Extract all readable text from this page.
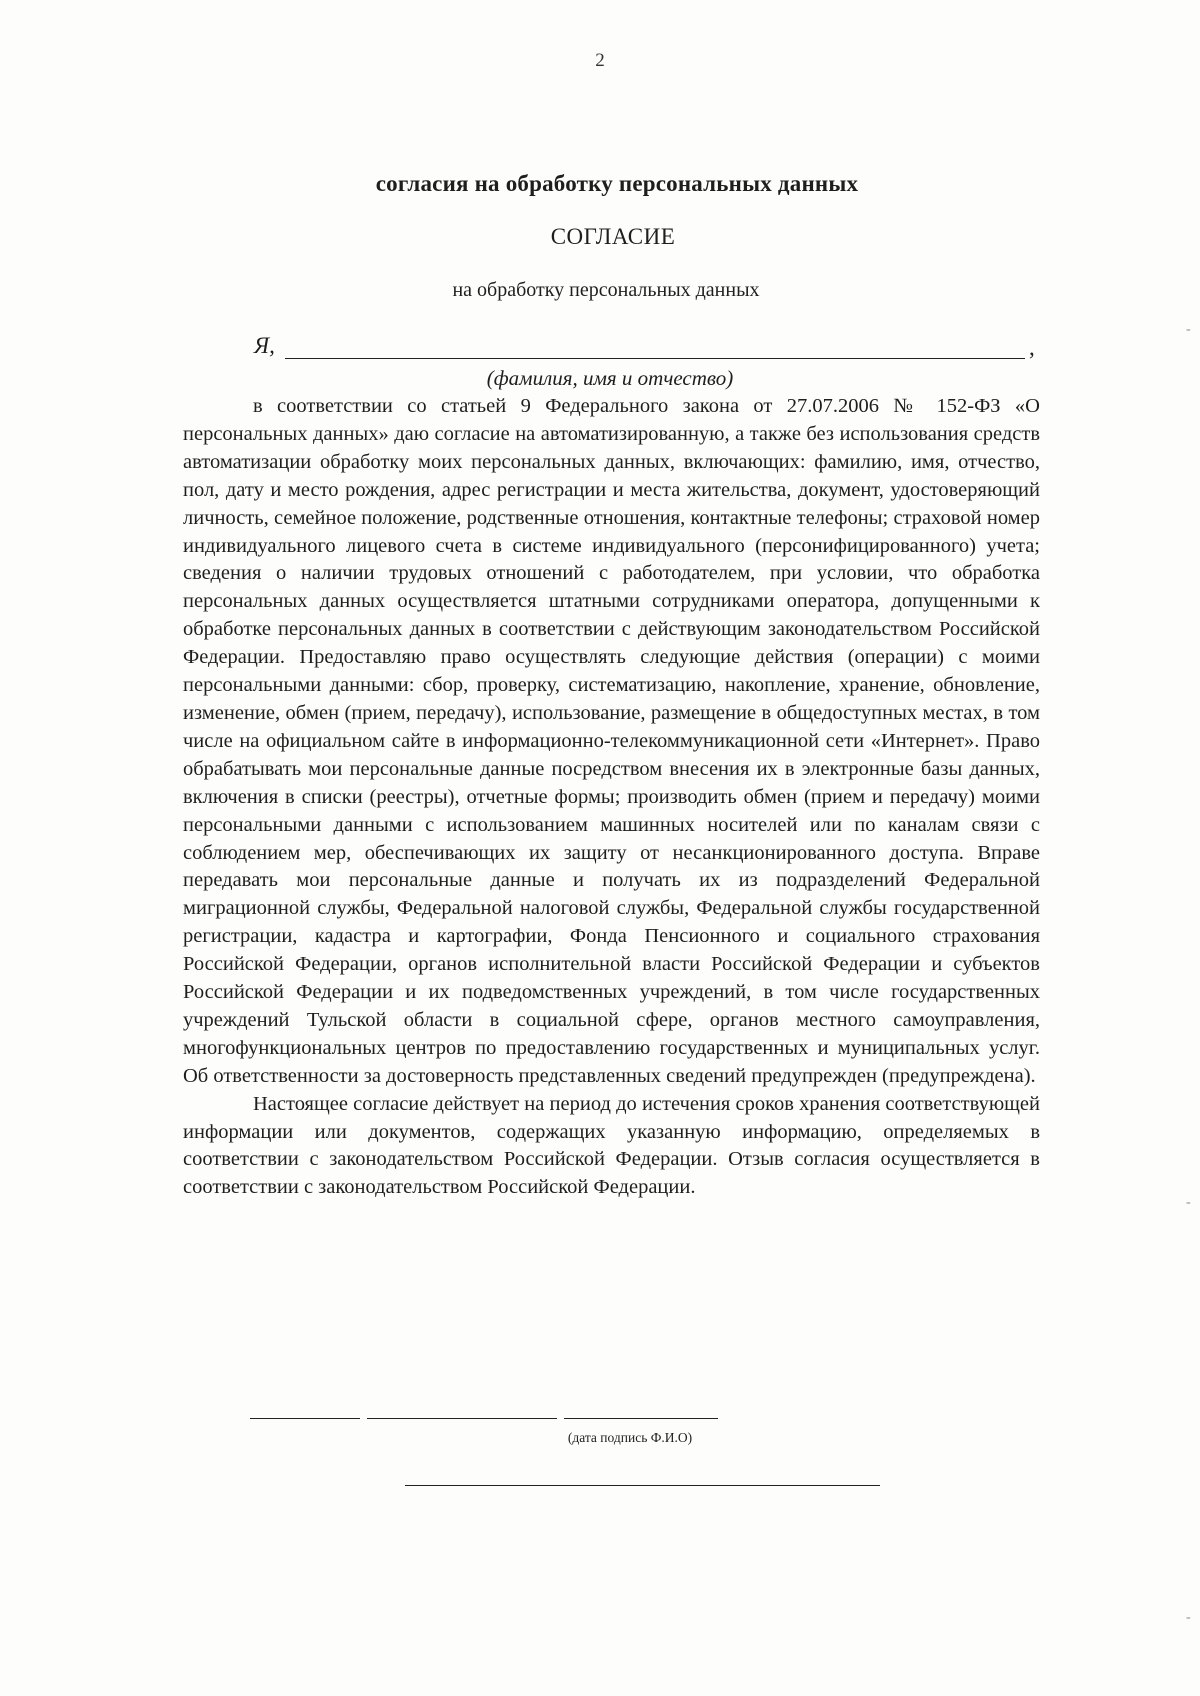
2
согласия на обработку персональных данных
СОГЛАСИЕ
на обработку персональных данных
Я,	,
(фамилия, имя и отчество)

в соответствии со статьей 9 Федерального закона от 27.07.2006 № 152-ФЗ «О персональных данных» даю согласие на автоматизированную, а также без использования средств автоматизации обработку моих персональных данных, включающих: фамилию, имя, отчество, пол, дату и место рождения, адрес регистрации и места жительства, документ, удостоверяющий личность, семейное положение, родственные отношения, контактные телефоны; страховой номер индивидуального лицевого счета в системе индивидуального (персонифицированного) учета; сведения о наличии трудовых отношений с работодателем, при условии, что обработка персональных данных осуществляется штатными сотрудниками оператора, допущенными к обработке персональных данных в соответствии с действующим законодательством Российской Федерации. Предоставляю право осуществлять следующие действия (операции) с моими персональными данными: сбор, проверку, систематизацию, накопление, хранение, обновление, изменение, обмен (прием, передачу), использование, размещение в общедоступных местах, в том числе на официальном сайте в информационно-телекоммуникационной сети «Интернет». Право обрабатывать мои персональные данные посредством внесения их в электронные базы данных, включения в списки (реестры), отчетные формы; производить обмен (прием и передачу) моими персональными данными с использованием машинных носителей или по каналам связи с соблюдением мер, обеспечивающих их защиту от несанкционированного доступа. Вправе передавать мои персональные данные и получать их из подразделений Федеральной миграционной службы, Федеральной налоговой службы, Федеральной службы государственной регистрации, кадастра и картографии, Фонда Пенсионного и социального страхования Российской Федерации, органов исполнительной власти Российской Федерации и субъектов Российской Федерации и их подведомственных учреждений, в том числе государственных учреждений Тульской области в социальной сфере, органов местного самоуправления, многофункциональных центров по предоставлению государственных и муниципальных услуг. Об ответственности за достоверность представленных сведений предупрежден (предупреждена).

Настоящее согласие действует на период до истечения сроков хранения соответствующей информации или документов, содержащих указанную информацию, определяемых в соответствии с законодательством Российской Федерации. Отзыв согласия осуществляется в соответствии с законодательством Российской Федерации.

(дата подпись Ф.И.О)
-
-
-
